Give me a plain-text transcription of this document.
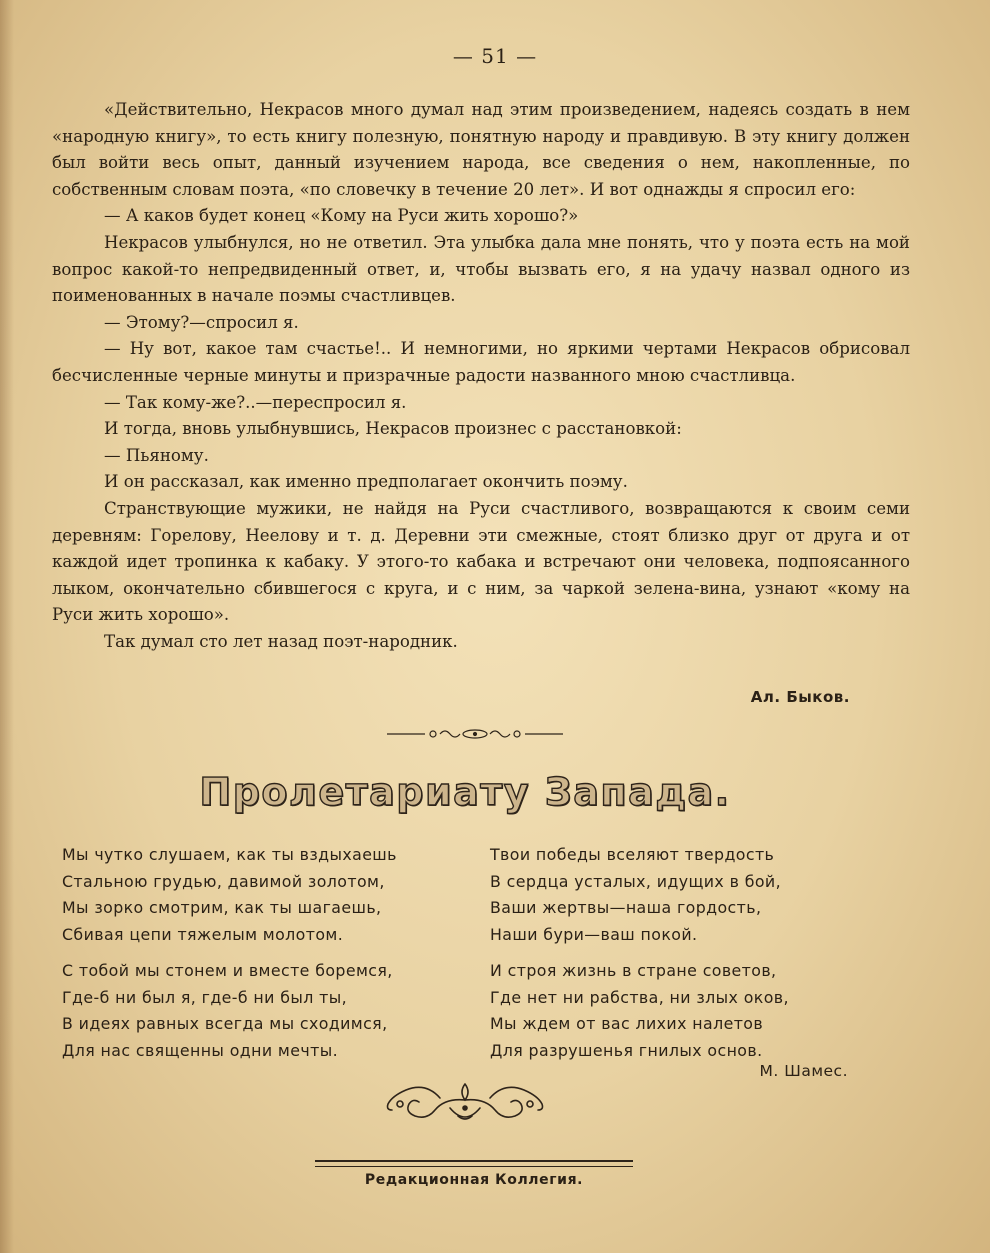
— 51 —

«Действительно, Некрасов много думал над этим произведением, надеясь создать в нем «народную книгу», то есть книгу полезную, понятную народу и правдивую. В эту книгу должен был войти весь опыт, данный изучением народа, все сведения о нем, накопленные, по собственным словам поэта, «по словечку в течение 20 лет». И вот однажды я спросил его:

— А каков будет конец «Кому на Руси жить хорошо?»

Некрасов улыбнулся, но не ответил. Эта улыбка дала мне понять, что у поэта есть на мой вопрос какой-то непредвиденный ответ, и, чтобы вызвать его, я на удачу назвал одного из поименованных в начале поэмы счастливцев.

— Этому?—спросил я.

— Ну вот, какое там счастье!.. И немногими, но яркими чертами Некрасов обрисовал бесчисленные черные минуты и призрачные радости названного мною счастливца.

— Так кому-же?..—переспросил я.

И тогда, вновь улыбнувшись, Некрасов произнес с расстановкой:

— Пьяному.

И он рассказал, как именно предполагает окончить поэму.

Странствующие мужики, не найдя на Руси счастливого, возвращаются к своим семи деревням: Горелову, Неелову и т. д. Деревни эти смежные, стоят близко друг от друга и от каждой идет тропинка к кабаку. У этого-то кабака и встречают они человека, подпоясанного лыком, окончательно сбившегося с круга, и с ним, за чаркой зелена-вина, узнают «кому на Руси жить хорошо».

Так думал сто лет назад поэт-народник.

Ал. Быков.
Пролетариату Запада.
Мы чутко слушаем, как ты вздыхаешь
Стальною грудью, давимой золотом,
Мы зорко смотрим, как ты шагаешь,
Сбивая цепи тяжелым молотом.
С тобой мы стонем и вместе боремся,
Где-б ни был я, где-б ни был ты,
В идеях равных всегда мы сходимся,
Для нас священны одни мечты.
Твои победы вселяют твердость
В сердца усталых, идущих в бой,
Ваши жертвы—наша гордость,
Наши бури—ваш покой.
И строя жизнь в стране советов,
Где нет ни рабства, ни злых оков,
Мы ждем от вас лихих налетов
Для разрушенья гнилых основ.
М. Шамес.
Редакционная Коллегия.
